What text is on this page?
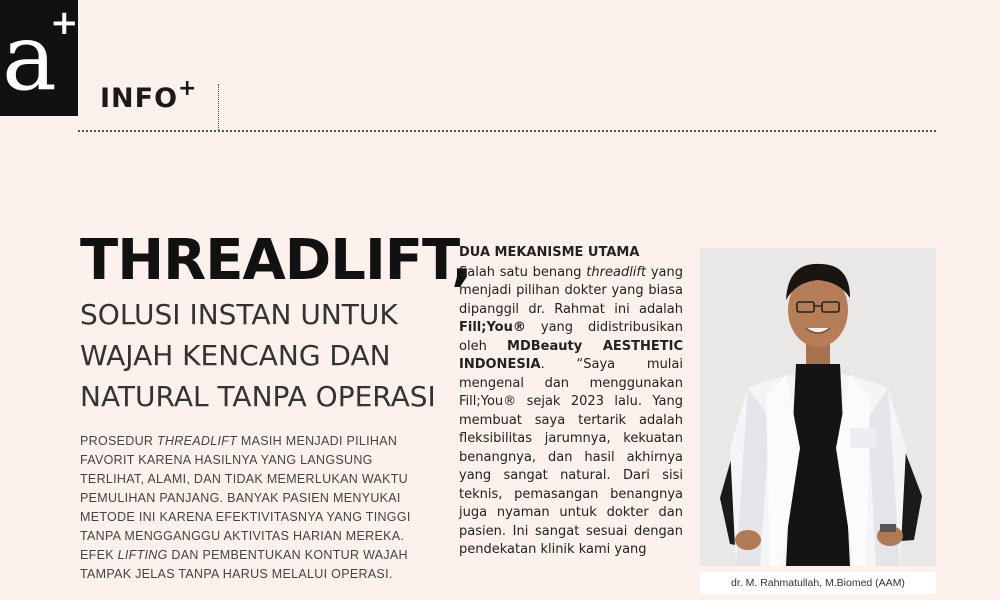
a
+
INFO +
THREADLIFT,
SOLUSI INSTAN UNTUK
WAJAH KENCANG DAN
NATURAL TANPA OPERASI
PROSEDUR THREADLIFT MASIH MENJADI PILIHAN FAVORIT KARENA HASILNYA YANG LANGSUNG TERLIHAT, ALAMI, DAN TIDAK MEMERLUKAN WAKTU PEMULIHAN PANJANG. BANYAK PASIEN MENYUKAI METODE INI KARENA EFEKTIVITASNYA YANG TINGGI TANPA MENGGANGGU AKTIVITAS HARIAN MEREKA. EFEK LIFTING DAN PEMBENTUKAN KONTUR WAJAH TAMPAK JELAS TANPA HARUS MELALUI OPERASI.
DUA MEKANISME UTAMA
Salah satu benang threadlift yang menjadi pilihan dokter yang biasa dipanggil dr. Rahmat ini adalah Fill;You® yang didistribusikan oleh MDBeauty AESTHETIC INDONESIA. “Saya mulai mengenal dan menggunakan Fill;You® sejak 2023 lalu. Yang membuat saya tertarik adalah fleksibilitas jarumnya, kekuatan benangnya, dan hasil akhirnya yang sangat natural. Dari sisi teknis, pemasangan benangnya juga nyaman untuk dokter dan pasien. Ini sangat sesuai dengan pendekatan klinik kami yang
dr. M. Rahmatullah, M.Biomed (AAM)
